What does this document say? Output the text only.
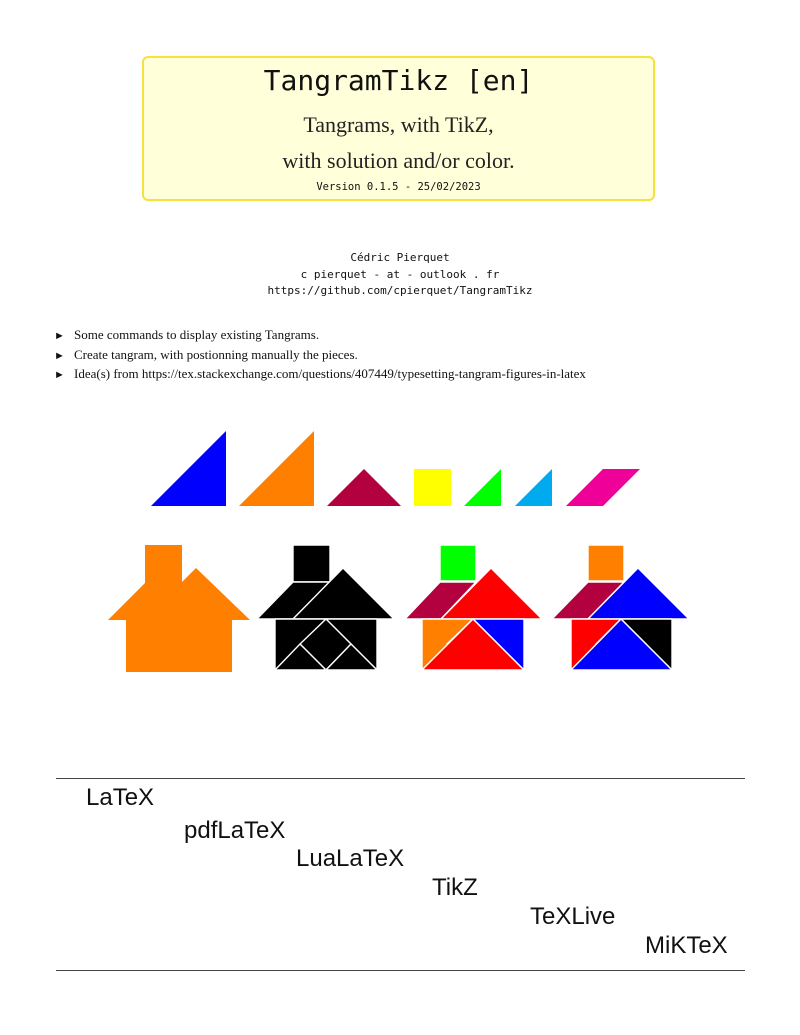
TangramTikz [en]
Tangrams, with TikZ,
with solution and/or color.
Version 0.1.5 - 25/02/2023
Cédric Pierquet
c pierquet - at - outlook . fr
https://github.com/cpierquet/TangramTikz
► Some commands to display existing Tangrams.
► Create tangram, with postionning manually the pieces.
► Idea(s) from https://tex.stackexchange.com/questions/407449/typesetting-tangram-figures-in-latex
LaTeX
pdfLaTeX
LuaLaTeX
TikZ
TeXLive
MiKTeX
